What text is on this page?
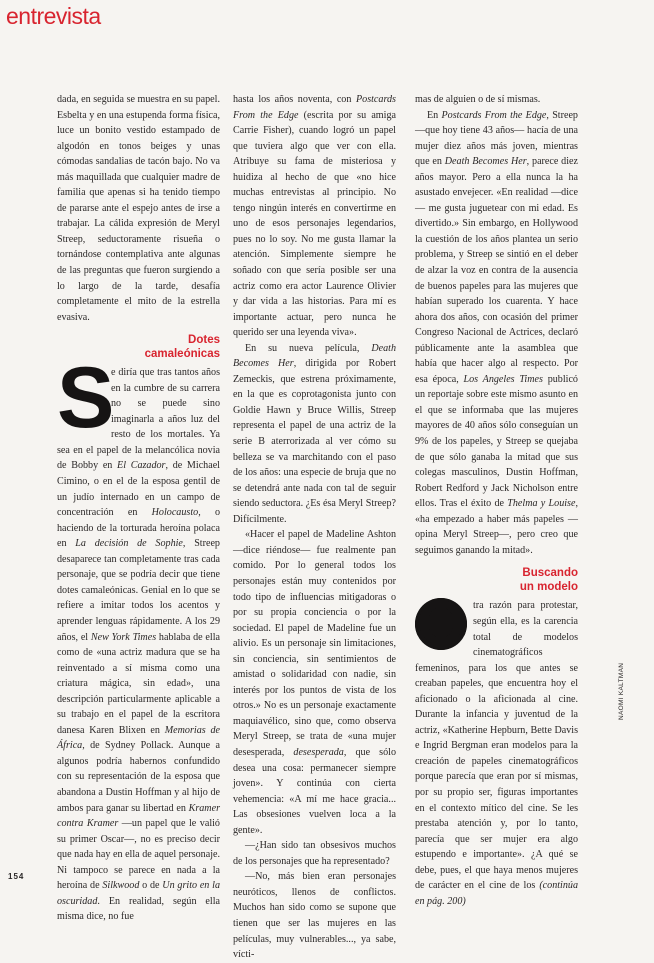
entrevista

dada, en seguida se muestra en su papel. Esbelta y en una estupenda forma física, luce un bonito vestido estampado de algodón en tonos beiges y unas cómodas sandalias de tacón bajo. No va más maquillada que cualquier madre de familia que apenas si ha tenido tiempo de pararse ante el espejo antes de irse a trabajar. La cálida expresión de Meryl Streep, seductoramente risueña o tornándose contemplativa ante algunas de las preguntas que fueron surgiendo a lo largo de la tarde, desafía completamente el mito de la estrella evasiva.

Dotes
camaleónicas

S
e diría que tras tantos años en la cumbre de su carrera no se puede sino imaginarla a años luz del resto de los mortales. Ya sea en el papel de la melancólica novia de Bobby en El Cazador, de Michael Cimino, o en el de la esposa gentil de un judío internado en un campo de concentración en Holocausto, o haciendo de la torturada heroína polaca en La decisión de Sophie, Streep desaparece tan completamente tras cada personaje, que se podría decir que tiene dotes camaleónicas. Genial en lo que se refiere a imitar todos los acentos y aprender lenguas rápidamente. A los 29 años, el New York Times hablaba de ella como de «una actriz madura que se ha reinventado a sí misma como una criatura mágica, sin edad», una descripción particularmente aplicable a su trabajo en el papel de la escritora danesa Karen Blixen en Memorias de África, de Sydney Pollack. Aunque a algunos podría habernos confundido con su representación de la esposa que abandona a Dustin Hoffman y al hijo de ambos para ganar su libertad en Kramer contra Kramer —un papel que le valió su primer Oscar—, no es preciso decir que nada hay en ella de aquel personaje. Ni tampoco se parece en nada a la heroína de Silkwood o de Un grito en la oscuridad. En realidad, según ella misma dice, no fue

hasta los años noventa, con Postcards From the Edge (escrita por su amiga Carrie Fisher), cuando logró un papel que tuviera algo que ver con ella. Atribuye su fama de misteriosa y huidiza al hecho de que «no hice muchas entrevistas al principio. No tengo ningún interés en convertirme en uno de esos personajes legendarios, pues no lo soy. No me gusta llamar la atención. Simplemente siempre he soñado con que sería posible ser una actriz como era actor Laurence Olivier y dar vida a las historias. Para mí es importante actuar, pero nunca he querido ser una leyenda viva».

En su nueva película, Death Becomes Her, dirigida por Robert Zemeckis, que estrena próximamente, en la que es coprotagonista junto con Goldie Hawn y Bruce Willis, Streep representa el papel de una actriz de la serie B aterrorizada al ver cómo su belleza se va marchitando con el paso de los años: una especie de bruja que no se detendrá ante nada con tal de seguir siendo seductora. ¿Es ésa Meryl Streep? Difícilmente.

«Hacer el papel de Madeline Ashton —dice riéndose— fue realmente pan comido. Por lo general todos los personajes están muy contenidos por todo tipo de influencias mitigadoras o por su propia conciencia o por la sociedad. El papel de Madeline fue un alivio. Es un personaje sin limitaciones, sin conciencia, sin sentimientos de amistad o solidaridad con nadie, sin interés por los puntos de vista de los otros.» No es un personaje exactamente maquiavélico, sino que, como observa Meryl Streep, se trata de «una mujer desesperada, desesperada, que sólo desea una cosa: permanecer siempre joven». Y continúa con cierta vehemencia: «A mí me hace gracia... Las obsesiones vuelven loca a la gente».

—¿Han sido tan obsesivos muchos de los personajes que ha representado?

—No, más bien eran personajes neuróticos, llenos de conflictos. Muchos han sido como se supone que tienen que ser las mujeres en las películas, muy vulnerables..., ya sabe, vícti-

mas de alguien o de sí mismas.

En Postcards From the Edge, Streep —que hoy tiene 43 años— hacía de una mujer diez años más joven, mientras que en Death Becomes Her, parece diez años mayor. Pero a ella nunca la ha asustado envejecer. «En realidad —dice— me gusta juguetear con mi edad. Es divertido.» Sin embargo, en Hollywood la cuestión de los años plantea un serio problema, y Streep se sintió en el deber de alzar la voz en contra de la ausencia de buenos papeles para las mujeres que habían superado los cuarenta. Y hace ahora dos años, con ocasión del primer Congreso Nacional de Actrices, declaró públicamente ante la asamblea que había que hacer algo al respecto. Por esa época, Los Angeles Times publicó un reportaje sobre este mismo asunto en el que se informaba que las mujeres mayores de 40 años sólo conseguían un 9% de los papeles, y Streep se quejaba de que sólo ganaba la mitad que sus colegas masculinos, Dustin Hoffman, Robert Redford y Jack Nicholson entre ellos. Tras el éxito de Thelma y Louise, «ha empezado a haber más papeles —opina Meryl Streep—, pero creo que seguimos ganando la mitad».

Buscando
un modelo

O tra razón para protestar, según ella, es la carencia total de modelos cinematográficos femeninos, para los que antes se creaban papeles, que encuentra hoy el aficionado o la aficionada al cine. Durante la infancia y juventud de la actriz, «Katherine Hepburn, Bette Davis e Ingrid Bergman eran modelos para la creación de papeles cinematográficos porque parecía que eran por sí mismas, por su propio ser, figuras importantes en el contexto mítico del cine. Se les prestaba atención y, por lo tanto, parecía que ser mujer era algo estupendo e importante». ¿A qué se debe, pues, el que haya menos mujeres de carácter en el cine de los (continúa en pág. 200)

NAOMI KALTMAN
154
